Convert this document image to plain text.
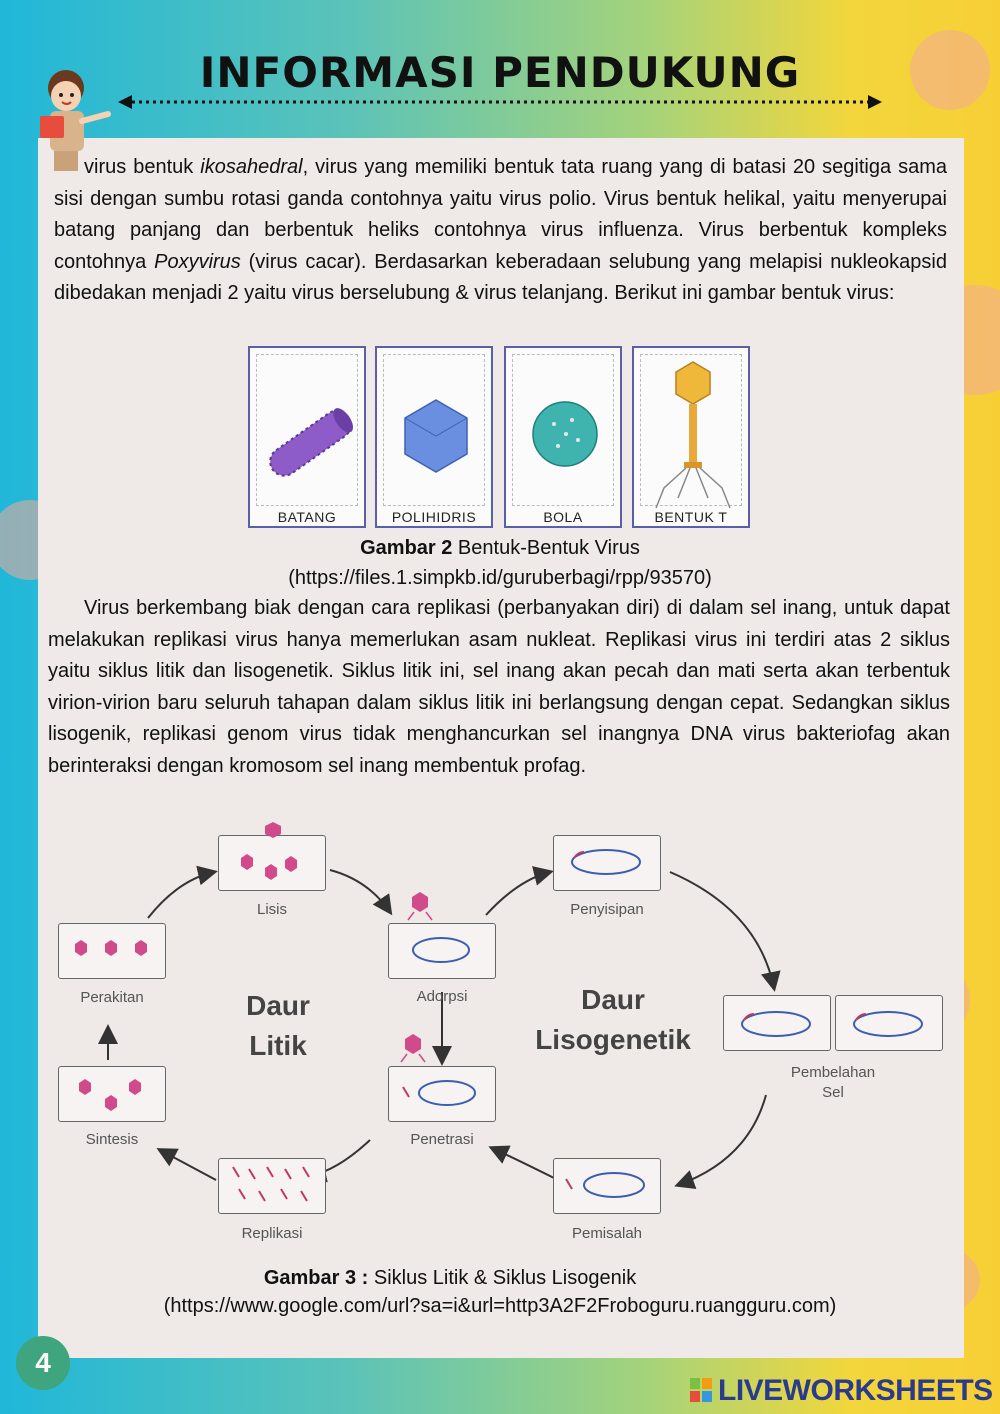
INFORMASI PENDUKUNG
virus bentuk ikosahedral, virus yang memiliki bentuk tata ruang yang di batasi 20 segitiga sama sisi dengan sumbu rotasi ganda contohnya yaitu virus polio. Virus bentuk helikal, yaitu menyerupai batang panjang dan berbentuk heliks contohnya virus influenza. Virus berbentuk kompleks contohnya Poxyvirus (virus cacar). Berdasarkan keberadaan selubung yang melapisi nukleokapsid dibedakan menjadi 2 yaitu virus berselubung & virus telanjang. Berikut ini gambar bentuk virus:
BATANG	POLIHIDRIS	BOLA	BENTUK T
Gambar 2 Bentuk-Bentuk Virus
(https://files.1.simpkb.id/guruberbagi/rpp/93570)
Virus berkembang biak dengan cara replikasi (perbanyakan diri) di dalam sel inang, untuk dapat melakukan replikasi virus hanya memerlukan asam nukleat. Replikasi virus ini terdiri atas 2 siklus yaitu siklus litik dan lisogenetik. Siklus litik ini, sel inang akan pecah dan mati serta akan terbentuk virion-virion baru seluruh tahapan dalam siklus litik ini berlangsung dengan cepat. Sedangkan siklus lisogenik, replikasi genom virus tidak menghancurkan sel inangnya DNA virus bakteriofag akan berinteraksi dengan kromosom sel inang membentuk profag.
Lisis
Adorpsi
Perakitan
Sintesis	Penetrasi
Replikasi
Penyisipan
Pembelahan
Sel
Pemisalah
Daur
Litik
Daur
Lisogenetik
Gambar 3 : Siklus Litik & Siklus Lisogenik
(https://www.google.com/url?sa=i&url=http3A2F2Froboguru.ruangguru.com)
4
LIVEWORKSHEETS
